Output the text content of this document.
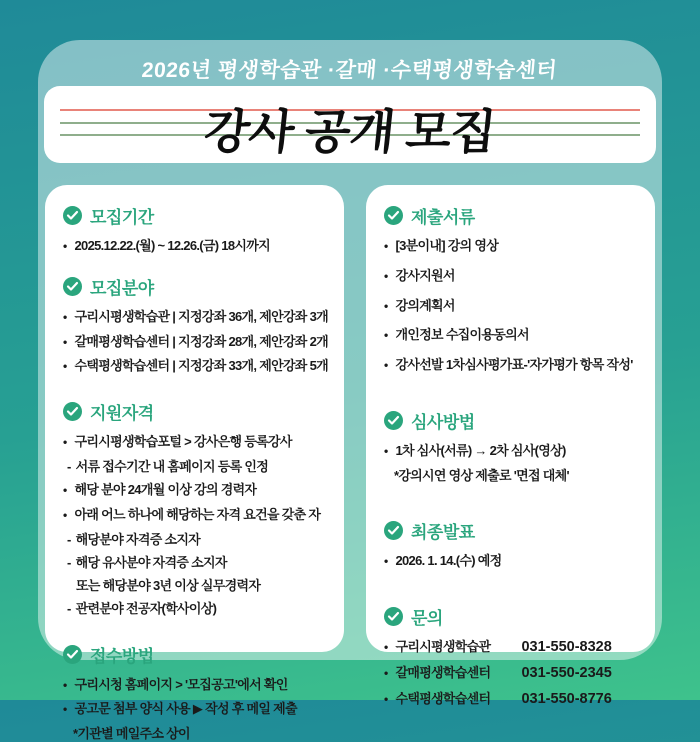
2026년 평생학습관 ·갈매 ·수택평생학습센터
강사 공개 모집
모집기간
• 2025.12.22.(월) ~ 12.26.(금) 18시까지
모집분야
• 구리시평생학습관 | 지정강좌 36개, 제안강좌 3개
• 갈매평생학습센터 | 지정강좌 28개, 제안강좌 2개
• 수택평생학습센터 | 지정강좌 33개, 제안강좌 5개
지원자격
• 구리시평생학습포털 > 강사은행 등록강사
- 서류 접수기간 내 홈페이지 등록 인정
• 해당 분야 24개월 이상 강의 경력자
• 아래 어느 하나에 해당하는 자격 요건을 갖춘 자
- 해당분야 자격증 소지자
- 해당 유사분야 자격증 소지자
또는 해당분야 3년 이상 실무경력자
- 관련분야 전공자(학사이상)
접수방법
• 구리시청 홈페이지 > '모집공고'에서 확인
• 공고문 첨부 양식 사용 ▶ 작성 후 메일 제출
*기관별 메일주소 상이
제출서류
• [3분이내] 강의 영상
• 강사지원서
• 강의계획서
• 개인정보 수집이용동의서
• 강사선발 1차심사평가표-'자가평가 항목 작성'
심사방법
• 1차 심사(서류) → 2차 심사(영상)
*강의시연 영상 제출로 '면접 대체'
최종발표
• 2026. 1. 14.(수) 예정
문의
• 구리시평생학습관	031-550-8328
• 갈매평생학습센터	031-550-2345
• 수택평생학습센터	031-550-8776
